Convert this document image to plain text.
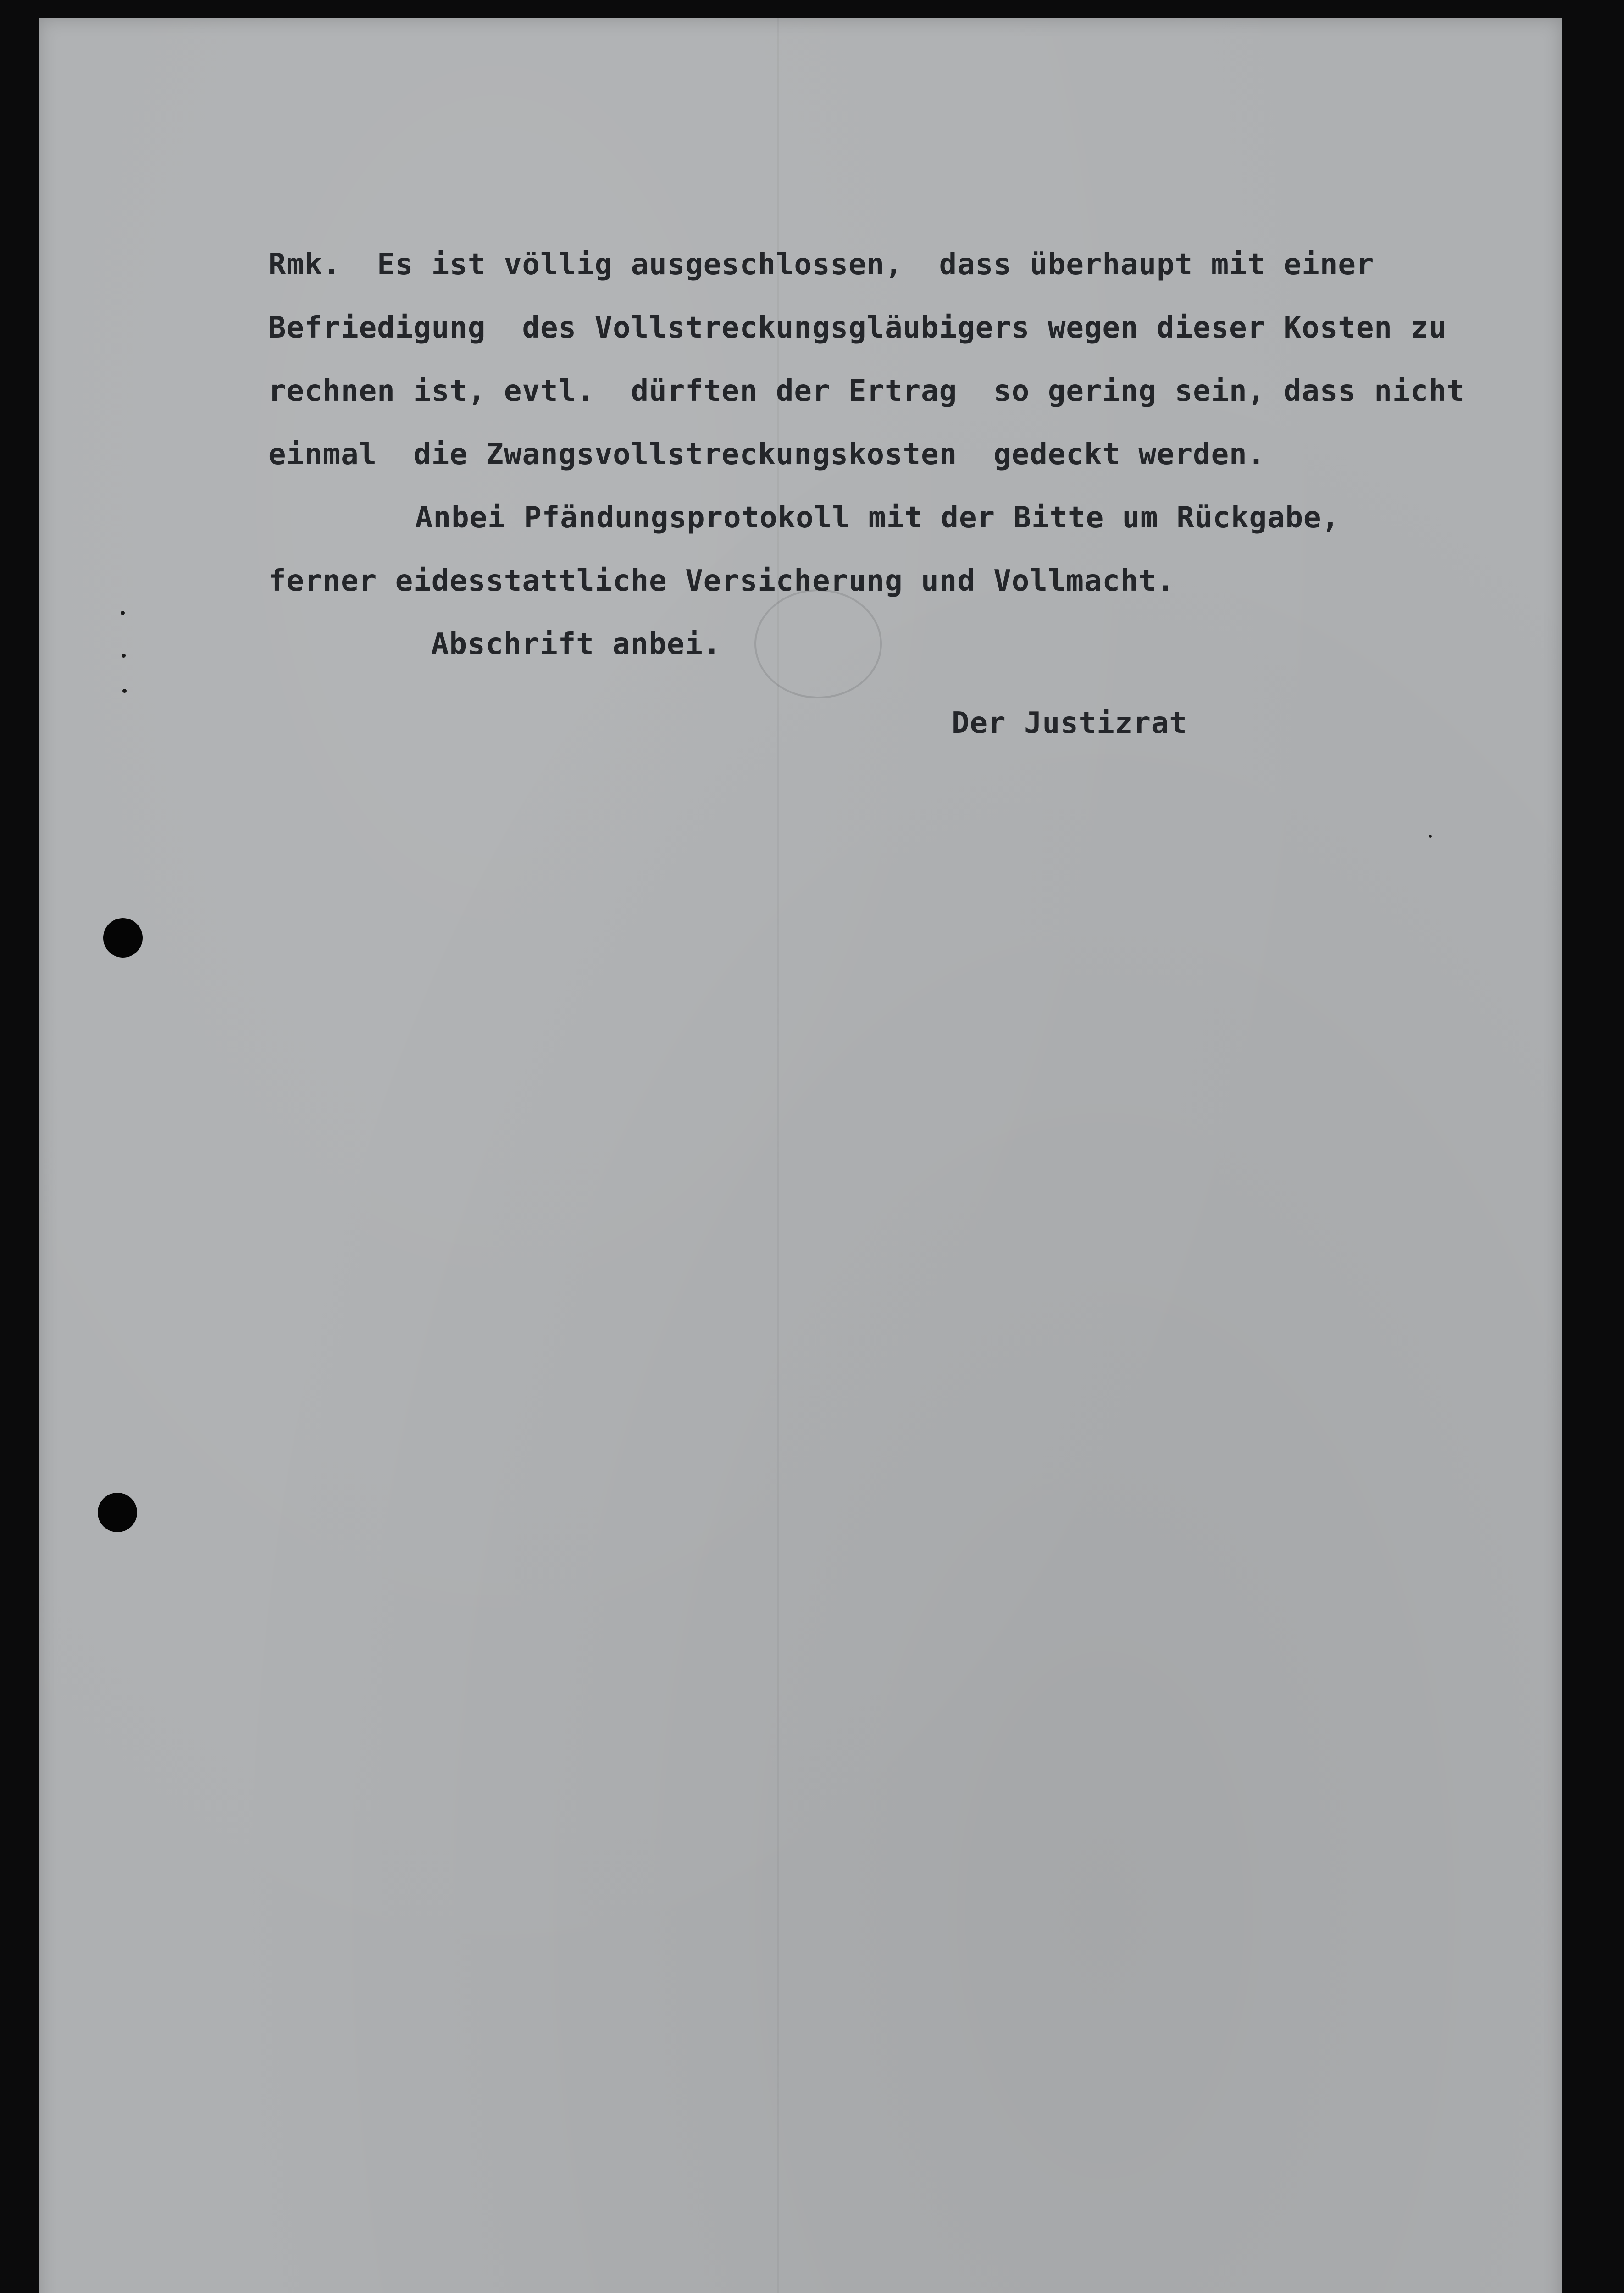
Rmk.  Es ist völlig ausgeschlossen,  dass überhaupt mit einer
Befriedigung  des Vollstreckungsgläubigers wegen dieser Kosten zu
rechnen ist, evtl.  dürften der Ertrag  so gering sein, dass nicht
einmal  die Zwangsvollstreckungskosten  gedeckt werden.
Anbei Pfändungsprotokoll mit der Bitte um Rückgabe,
ferner eidesstattliche Versicherung und Vollmacht.
Abschrift anbei.
Der Justizrat
